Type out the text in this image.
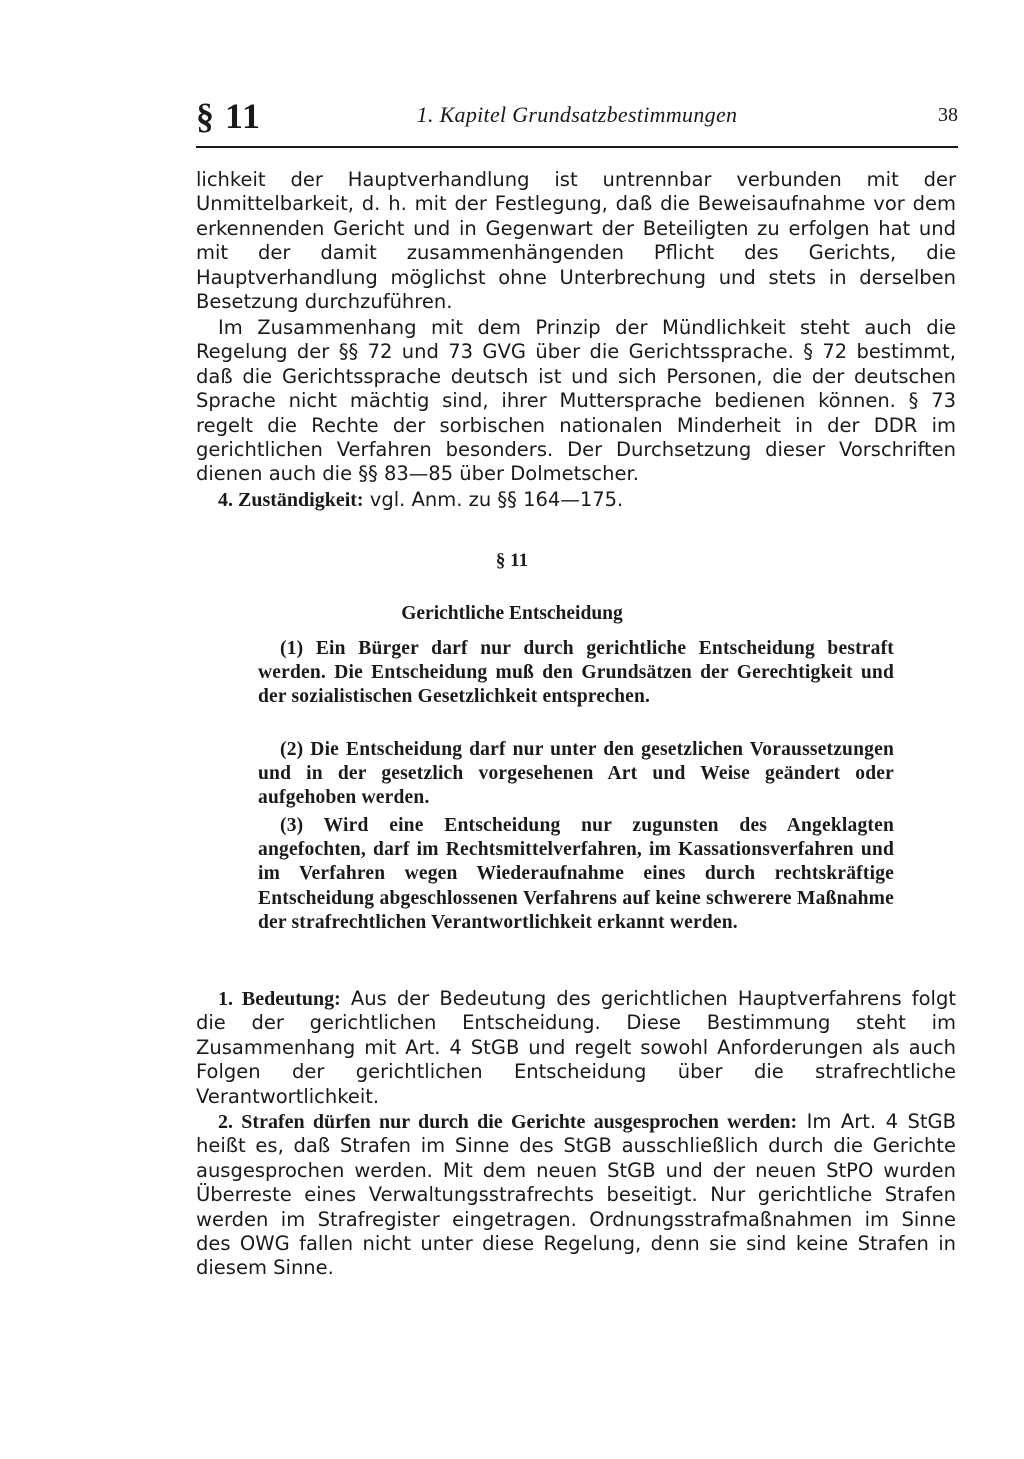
§ 11	1. Kapitel Grundsatzbestimmungen	38

lichkeit der Hauptverhandlung ist untrennbar verbunden mit der Unmittelbarkeit, d. h. mit der Festlegung, daß die Beweisaufnahme vor dem erkennenden Gericht und in Gegenwart der Beteiligten zu erfolgen hat und mit der damit zusammenhängenden Pflicht des Gerichts, die Hauptverhandlung möglichst ohne Unterbrechung und stets in derselben Besetzung durchzuführen.

Im Zusammenhang mit dem Prinzip der Mündlichkeit steht auch die Regelung der §§ 72 und 73 GVG über die Gerichtssprache. § 72 bestimmt, daß die Gerichtssprache deutsch ist und sich Personen, die der deutschen Sprache nicht mächtig sind, ihrer Muttersprache bedienen können. § 73 regelt die Rechte der sorbischen nationalen Minderheit in der DDR im gerichtlichen Verfahren besonders. Der Durchsetzung dieser Vorschriften dienen auch die §§ 83—85 über Dolmetscher.

4. Zuständigkeit: vgl. Anm. zu §§ 164—175.

§ 11
Gerichtliche Entscheidung

(1) Ein Bürger darf nur durch gerichtliche Entscheidung bestraft werden. Die Entscheidung muß den Grundsätzen der Gerechtigkeit und der sozialistischen Gesetzlichkeit entsprechen.

(2) Die Entscheidung darf nur unter den gesetzlichen Voraussetzungen und in der gesetzlich vorgesehenen Art und Weise geändert oder aufgehoben werden.

(3) Wird eine Entscheidung nur zugunsten des Angeklagten angefochten, darf im Rechtsmittelverfahren, im Kassationsverfahren und im Verfahren wegen Wiederaufnahme eines durch rechtskräftige Entscheidung abgeschlossenen Verfahrens auf keine schwerere Maßnahme der strafrechtlichen Verantwortlichkeit erkannt werden.

1. Bedeutung: Aus der Bedeutung des gerichtlichen Hauptverfahrens folgt die der gerichtlichen Entscheidung. Diese Bestimmung steht im Zusammenhang mit Art. 4 StGB und regelt sowohl Anforderungen als auch Folgen der gerichtlichen Entscheidung über die strafrechtliche Verantwortlichkeit.

2. Strafen dürfen nur durch die Gerichte ausgesprochen werden: Im Art. 4 StGB heißt es, daß Strafen im Sinne des StGB ausschließlich durch die Gerichte ausgesprochen werden. Mit dem neuen StGB und der neuen StPO wurden Überreste eines Verwaltungsstrafrechts beseitigt. Nur gerichtliche Strafen werden im Strafregister eingetragen. Ordnungsstrafmaßnahmen im Sinne des OWG fallen nicht unter diese Regelung, denn sie sind keine Strafen in diesem Sinne.
